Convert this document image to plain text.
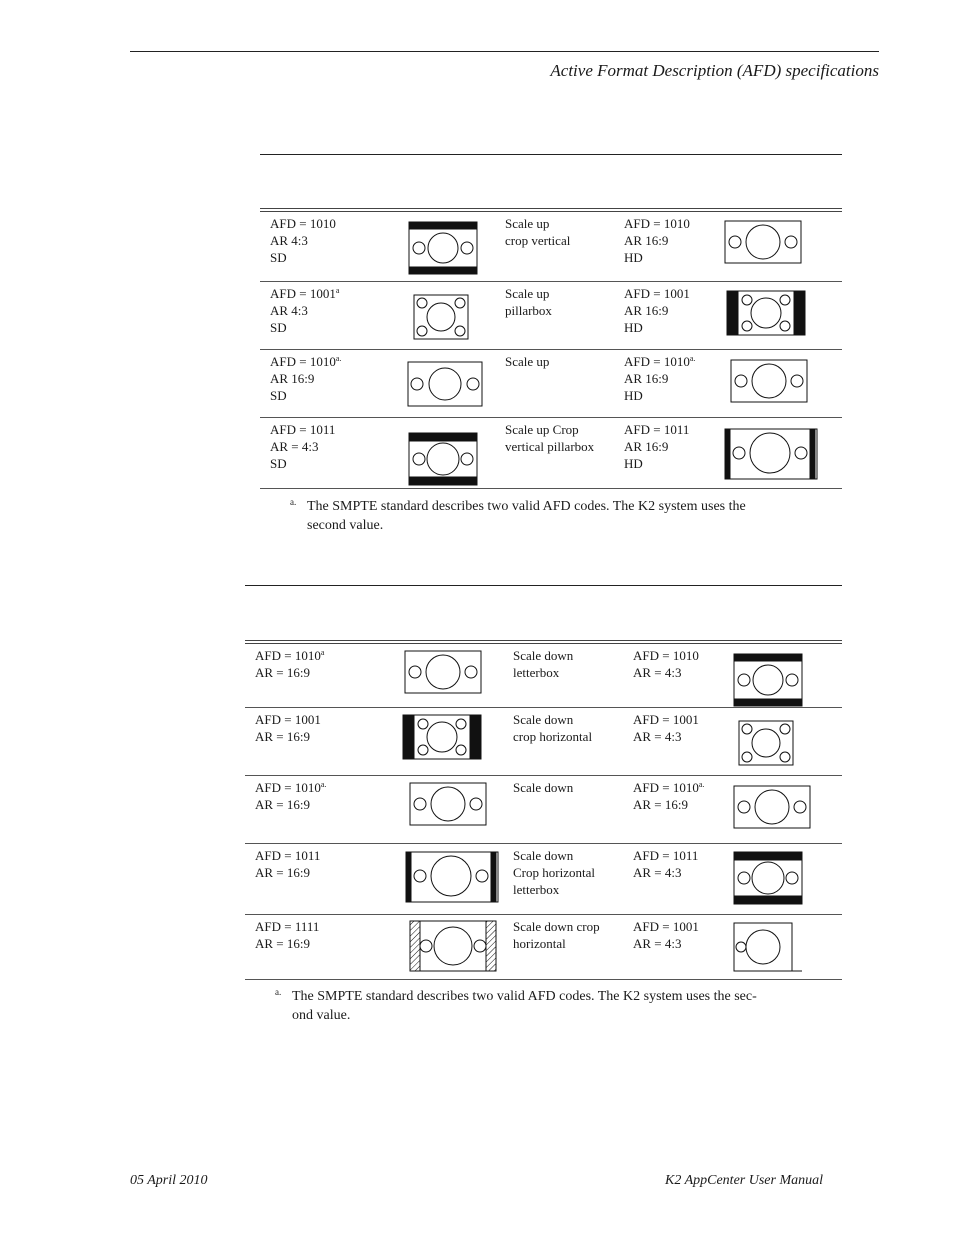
Active Format Description (AFD) specifications
AFD = 1010
AR 4:3
SD		Scale up
crop vertical	AFD = 1010
AR 16:9
HD

AFD = $1001^a$
AR 4:3
SD		Scale up
pillarbox	AFD = 1001
AR 16:9
HD

AFD = $1010^{a.}$
AR 16:9
SD		Scale up	AFD = $1010^{a.}$
AR 16:9
HD

AFD = 1011
AR = 4:3
SD		Scale up Crop
vertical pillarbox	AFD = 1011
AR 16:9
HD

a. The SMPTE standard describes two valid AFD codes. The K2 system uses the
second value.
AFD = $1010^a$
AR = 16:9		Scale down
letterbox	AFD = 1010
AR = 4:3

AFD = 1001
AR = 16:9		Scale down
crop horizontal	AFD = 1001
AR = 4:3

AFD = $1010^{a.}$
AR = 16:9		Scale down	AFD = $1010^{a.}$
AR = 16:9

AFD = 1011
AR = 16:9		Scale down
Crop horizontal
letterbox	AFD = 1011
AR = 4:3

AFD = 1111
AR = 16:9		Scale down crop
horizontal	AFD = 1001
AR = 4:3

a. The SMPTE standard describes two valid AFD codes. The K2 system uses the sec-
ond value.
05 April 2010	K2 AppCenter User Manual
